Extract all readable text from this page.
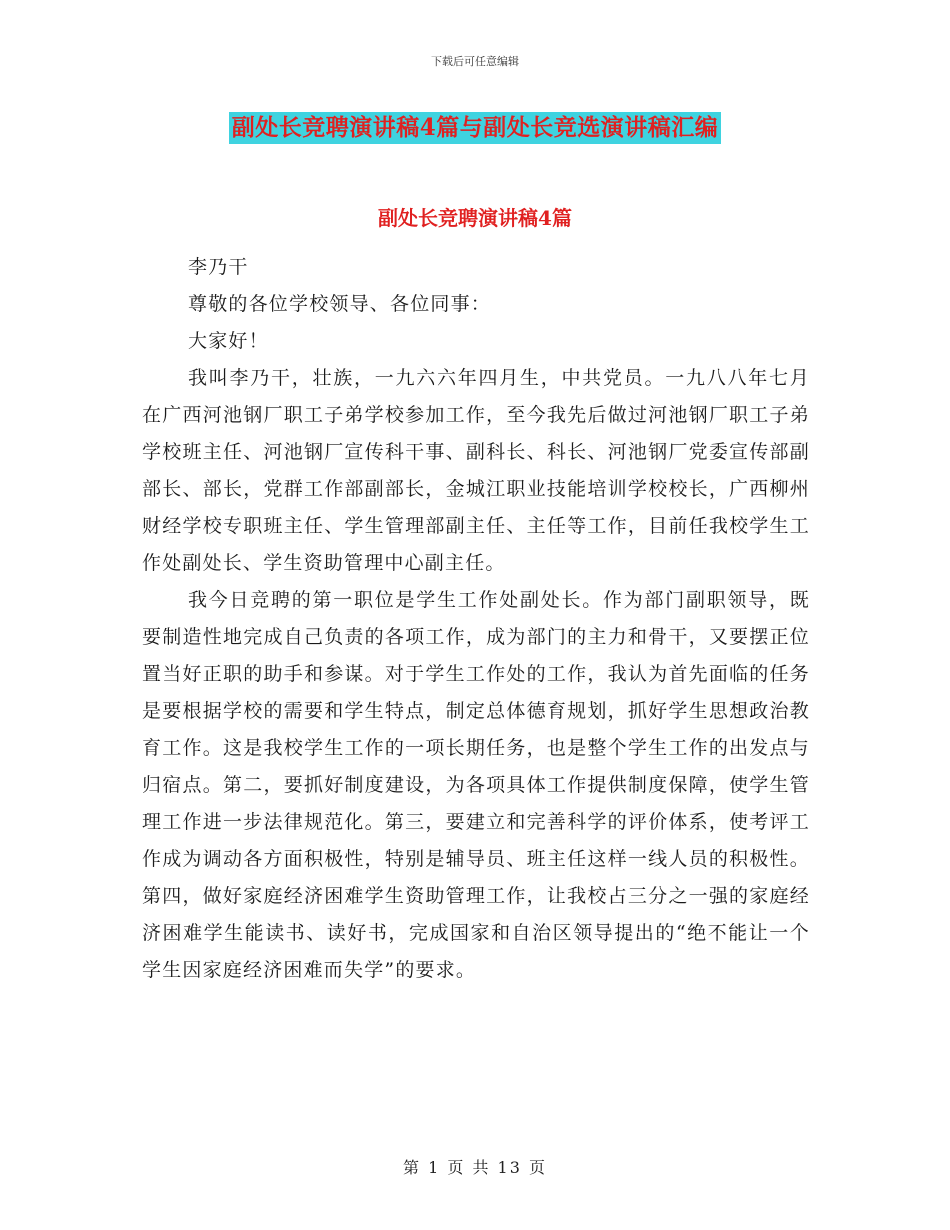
下载后可任意编辑
副处长竞聘演讲稿4篇与副处长竞选演讲稿汇编
副处长竞聘演讲稿4篇

李乃干

尊敬的各位学校领导、各位同事：

大家好！

我叫李乃干，壮族，一九六六年四月生，中共党员。一九八八年七月在广西河池钢厂职工子弟学校参加工作，至今我先后做过河池钢厂职工子弟学校班主任、河池钢厂宣传科干事、副科长、科长、河池钢厂党委宣传部副部长、部长，党群工作部副部长，金城江职业技能培训学校校长，广西柳州财经学校专职班主任、学生管理部副主任、主任等工作，目前任我校学生工作处副处长、学生资助管理中心副主任。

我今日竞聘的第一职位是学生工作处副处长。作为部门副职领导，既要制造性地完成自己负责的各项工作，成为部门的主力和骨干，又要摆正位置当好正职的助手和参谋。对于学生工作处的工作，我认为首先面临的任务是要根据学校的需要和学生特点，制定总体德育规划，抓好学生思想政治教育工作。这是我校学生工作的一项长期任务，也是整个学生工作的出发点与归宿点。第二，要抓好制度建设，为各项具体工作提供制度保障，使学生管理工作进一步法律规范化。第三，要建立和完善科学的评价体系，使考评工作成为调动各方面积极性，特别是辅导员、班主任这样一线人员的积极性。第四，做好家庭经济困难学生资助管理工作，让我校占三分之一强的家庭经济困难学生能读书、读好书，完成国家和自治区领导提出的“绝不能让一个学生因家庭经济困难而失学”的要求。

第 1 页 共 13 页
